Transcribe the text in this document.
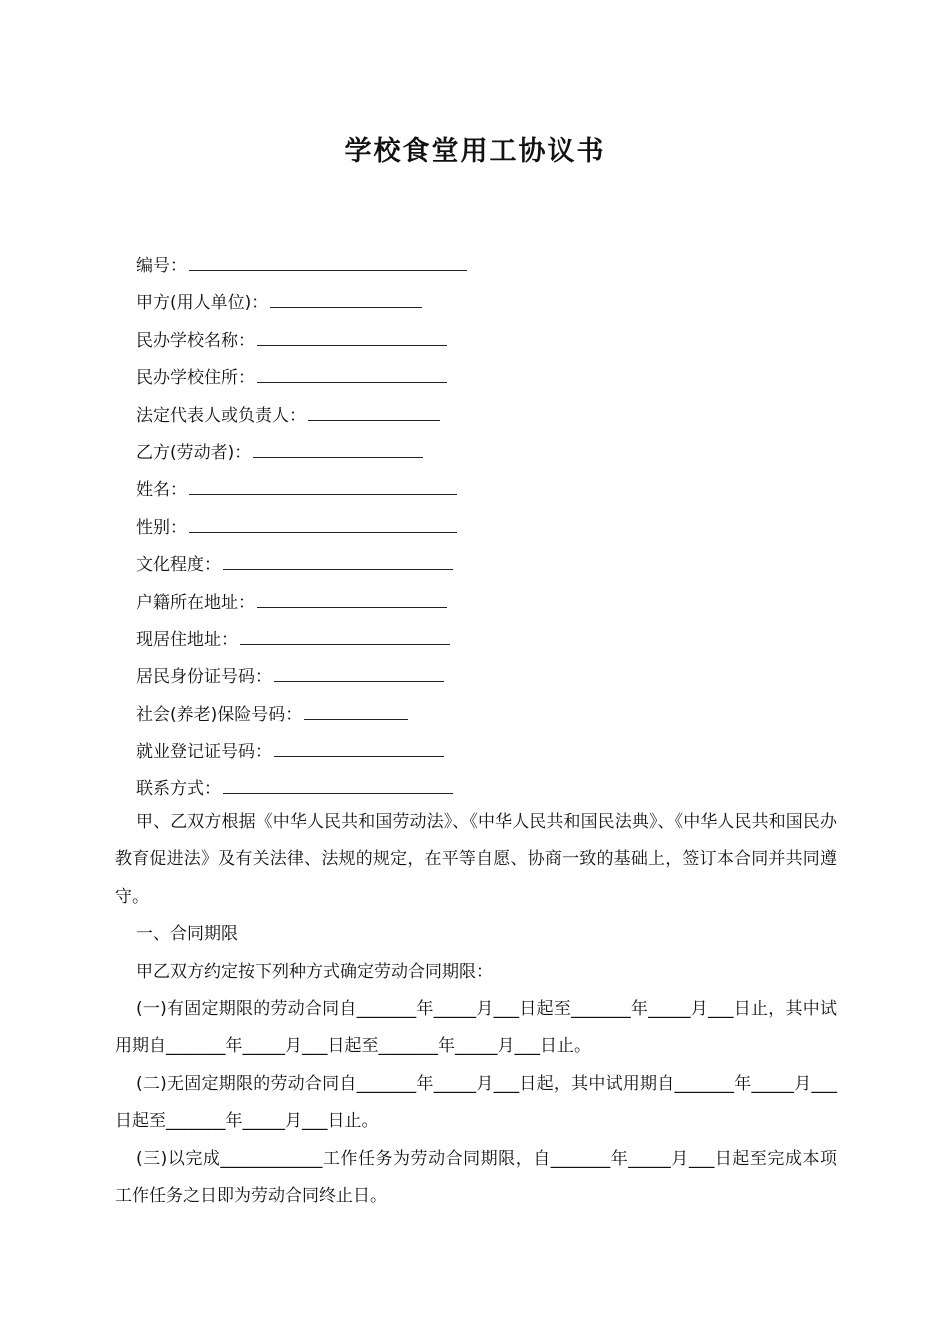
学校食堂用工协议书
编号：
甲方(用人单位)：
民办学校名称：
民办学校住所：
法定代表人或负责人：
乙方(劳动者)：
姓名：
性别：
文化程度：
户籍所在地址：
现居住地址：
居民身份证号码：
社会(养老)保险号码：
就业登记证号码：
联系方式：

甲、乙双方根据《中华人民共和国劳动法》、《中华人民共和国民法典》、《中华人民共和国民办教育促进法》及有关法律、法规的规定，在平等自愿、协商一致的基础上，签订本合同并共同遵守。

一、合同期限

甲乙双方约定按下列种方式确定劳动合同期限：

(一)有固定期限的劳动合同自_______年_____月___日起至_______年_____月___日止，其中试用期自_______年_____月___日起至_______年_____月___日止。

(二)无固定期限的劳动合同自_______年_____月___日起，其中试用期自_______年_____月___日起至_______年_____月___日止。

(三)以完成____________工作任务为劳动合同期限，自_______年_____月___日起至完成本项工作任务之日即为劳动合同终止日。
